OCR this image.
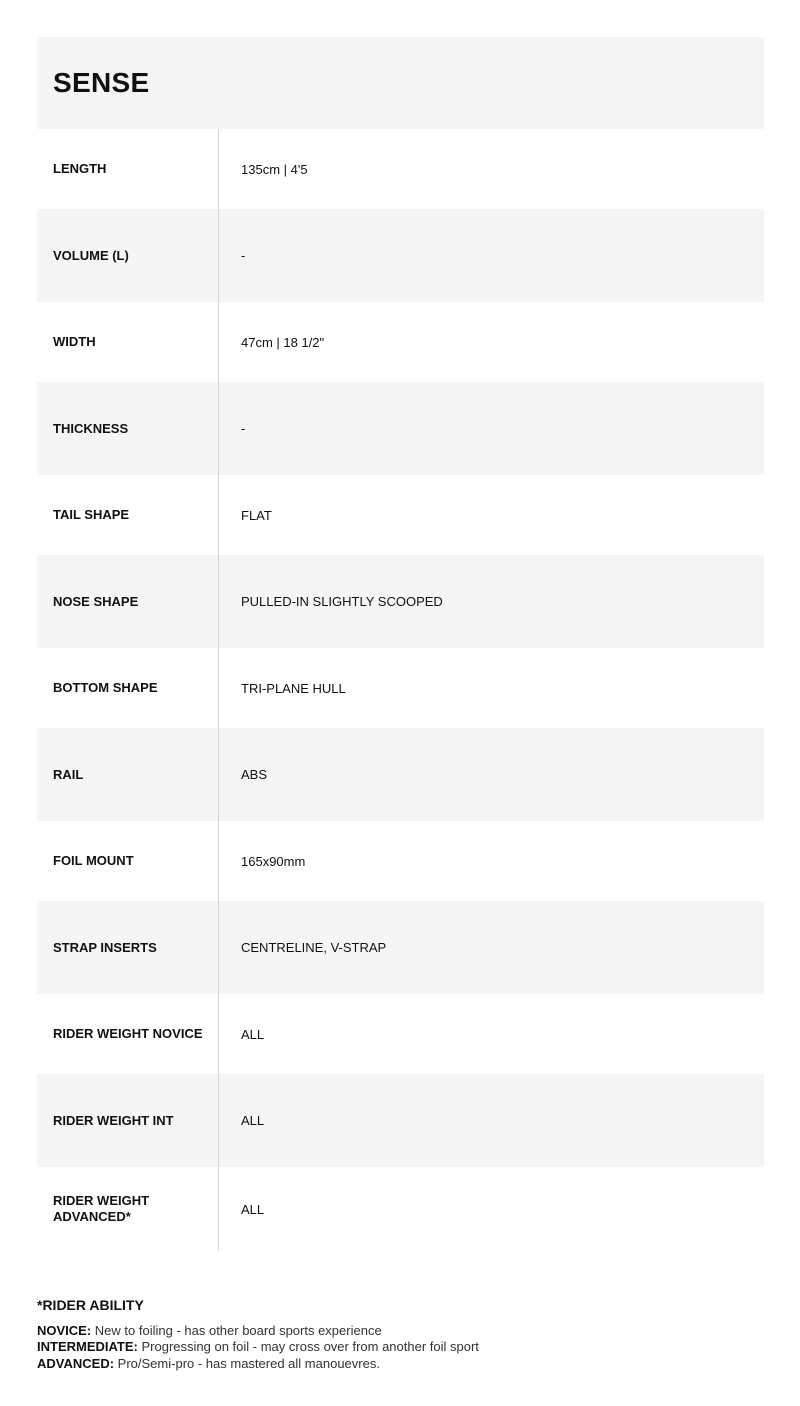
SENSE
LENGTH	135cm | 4'5
VOLUME (L)	-
WIDTH	47cm | 18 1/2"
THICKNESS	-
TAIL SHAPE	FLAT
NOSE SHAPE	PULLED-IN SLIGHTLY SCOOPED
BOTTOM SHAPE	TRI-PLANE HULL
RAIL	ABS
FOIL MOUNT	165x90mm
STRAP INSERTS	CENTRELINE, V-STRAP
RIDER WEIGHT NOVICE	ALL
RIDER WEIGHT INT	ALL
RIDER WEIGHT ADVANCED*	ALL
*RIDER ABILITY
NOVICE: New to foiling - has other board sports experience
INTERMEDIATE: Progressing on foil - may cross over from another foil sport
ADVANCED: Pro/Semi-pro - has mastered all manouevres.
